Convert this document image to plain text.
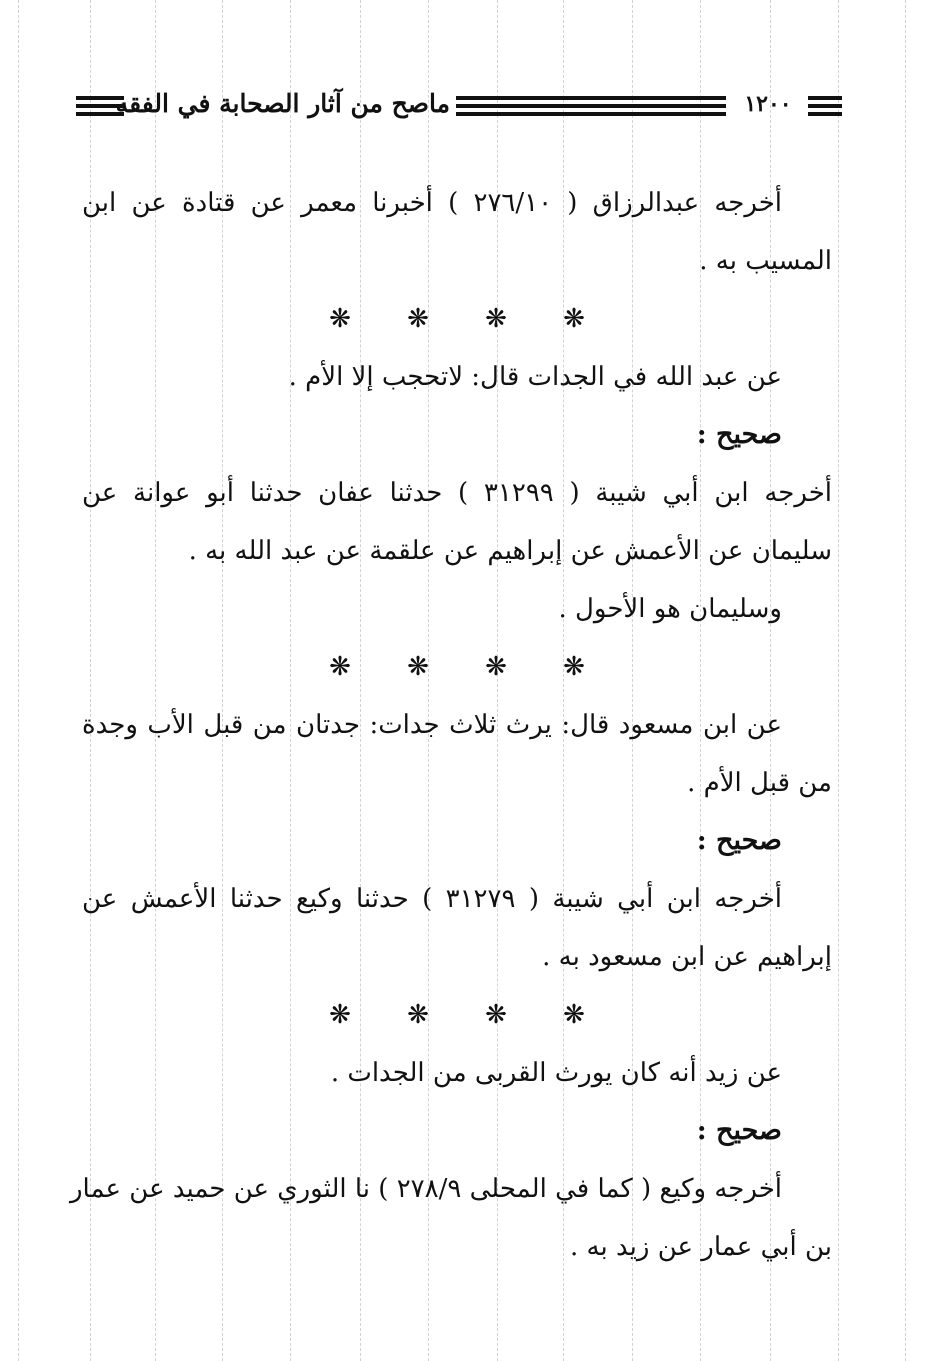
ماصح من آثار الصحابة في الفقه	١٢٠٠
أخرجه عبدالرزاق ( ٢٧٦/١٠ ) أخبرنا معمر عن قتادة عن ابن
المسيب به .
❋ ❋ ❋ ❋
عن عبد الله في الجدات قال: لاتحجب إلا الأم .
صحيح :
أخرجه ابن أبي شيبة ( ٣١٢٩٩ ) حدثنا عفان حدثنا أبو عوانة عن
سليمان عن الأعمش عن إبراهيم عن علقمة عن عبد الله به .
وسليمان هو الأحول .
❋ ❋ ❋ ❋
عن ابن مسعود قال: يرث ثلاث جدات: جدتان من قبل الأب وجدة
من قبل الأم .
صحيح :
أخرجه ابن أبي شيبة ( ٣١٢٧٩ ) حدثنا وكيع حدثنا الأعمش عن
إبراهيم عن ابن مسعود به .
❋ ❋ ❋ ❋
عن زيد أنه كان يورث القربى من الجدات .
صحيح :
أخرجه وكيع ( كما في المحلى ٢٧٨/٩ ) نا الثوري عن حميد عن عمار
بن أبي عمار عن زيد به .
